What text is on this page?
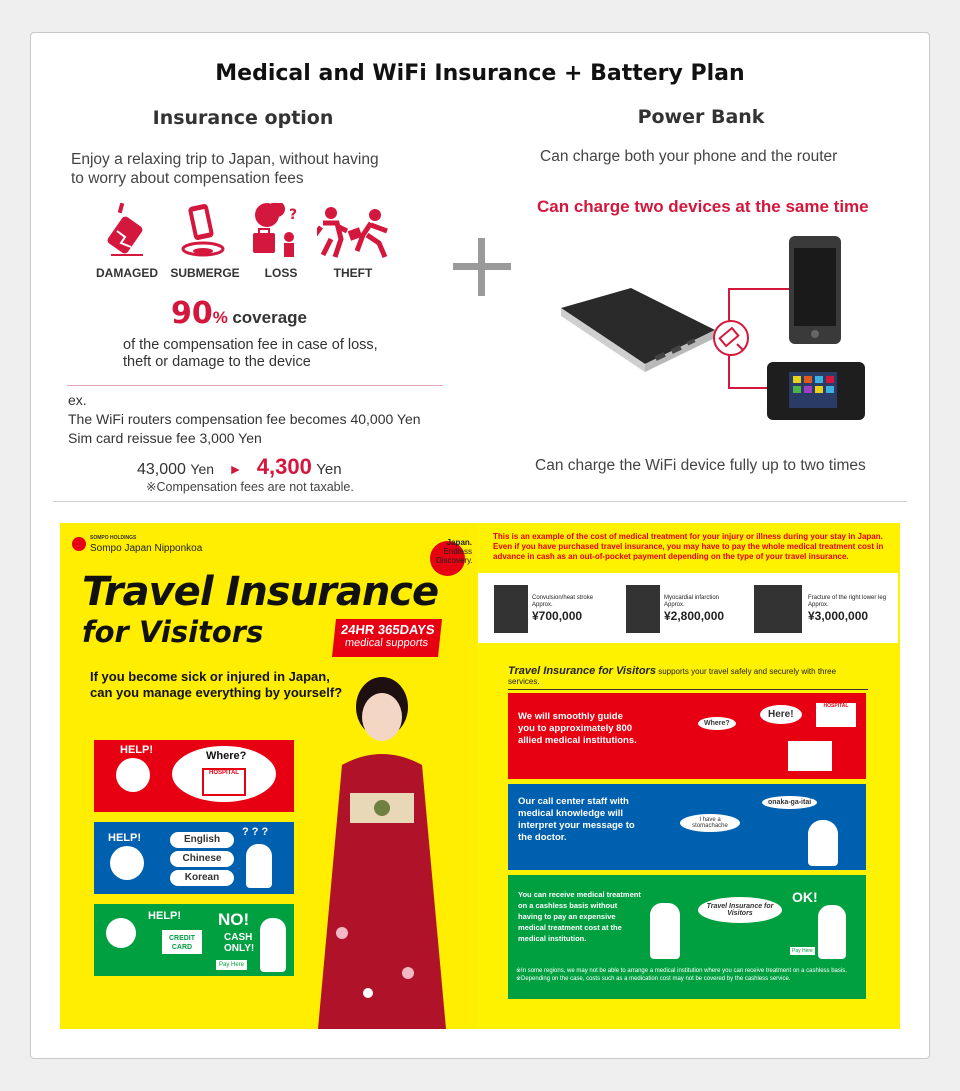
Medical and WiFi Insurance + Battery Plan
Insurance option
Enjoy a relaxing trip to Japan, without having
to worry about compensation fees
DAMAGED	SUBMERGE
?
LOSS	THEFT
90% coverage
of the compensation fee in case of loss,
theft or damage to the device
ex.
The WiFi routers compensation fee becomes 40,000 Yen
Sim card reissue fee 3,000 Yen
43,000 Yen ► 4,300 Yen
※Compensation fees are not taxable.
Power Bank
Can charge both your phone and the router
Can charge two devices at the same time
Can charge the WiFi device fully up to two times
SOMPO HOLDINGS
Sompo Japan Nipponkoa
Japan.
Endless
Discovery.
Travel Insurance
for Visitors	24HR 365DAYS
medical supports
If you become sick or injured in Japan,
can you manage everything by yourself?
HELP!	Where?
HOSPITAL
HELP!	English
Chinese
Korean
? ? ?
HELP!
CREDIT
CARD
NO!
CASH
ONLY!
Pay Here
This is an example of the cost of medical treatment for your injury or illness during your stay in Japan. Even if you have purchased travel insurance, you may have to pay the whole medical treatment cost in advance in cash as an out-of-pocket payment depending on the type of your travel insurance.
Convulsion/heat stroke
Approx.
¥700,000
Myocardial infarction
Approx.
¥2,800,000
Fracture of the right lower leg
Approx.
¥3,000,000
Travel Insurance for Visitors supports your travel safely and securely with three services.
We will smoothly guide you to approximately 800 allied medical institutions.
Where?
Here!
HOSPITAL
Our call center staff with medical knowledge will interpret your message to the doctor.
I have a stomachache
onaka-ga-itai
You can receive medical treatment on a cashless basis without having to pay an expensive medical treatment cost at the medical institution.
Travel Insurance for Visitors
OK!
Pay Here
※In some regions, we may not be able to arrange a medical institution where you can receive treatment on a cashless basis. ※Depending on the case, costs such as a medication cost may not be covered by the cashless service.
